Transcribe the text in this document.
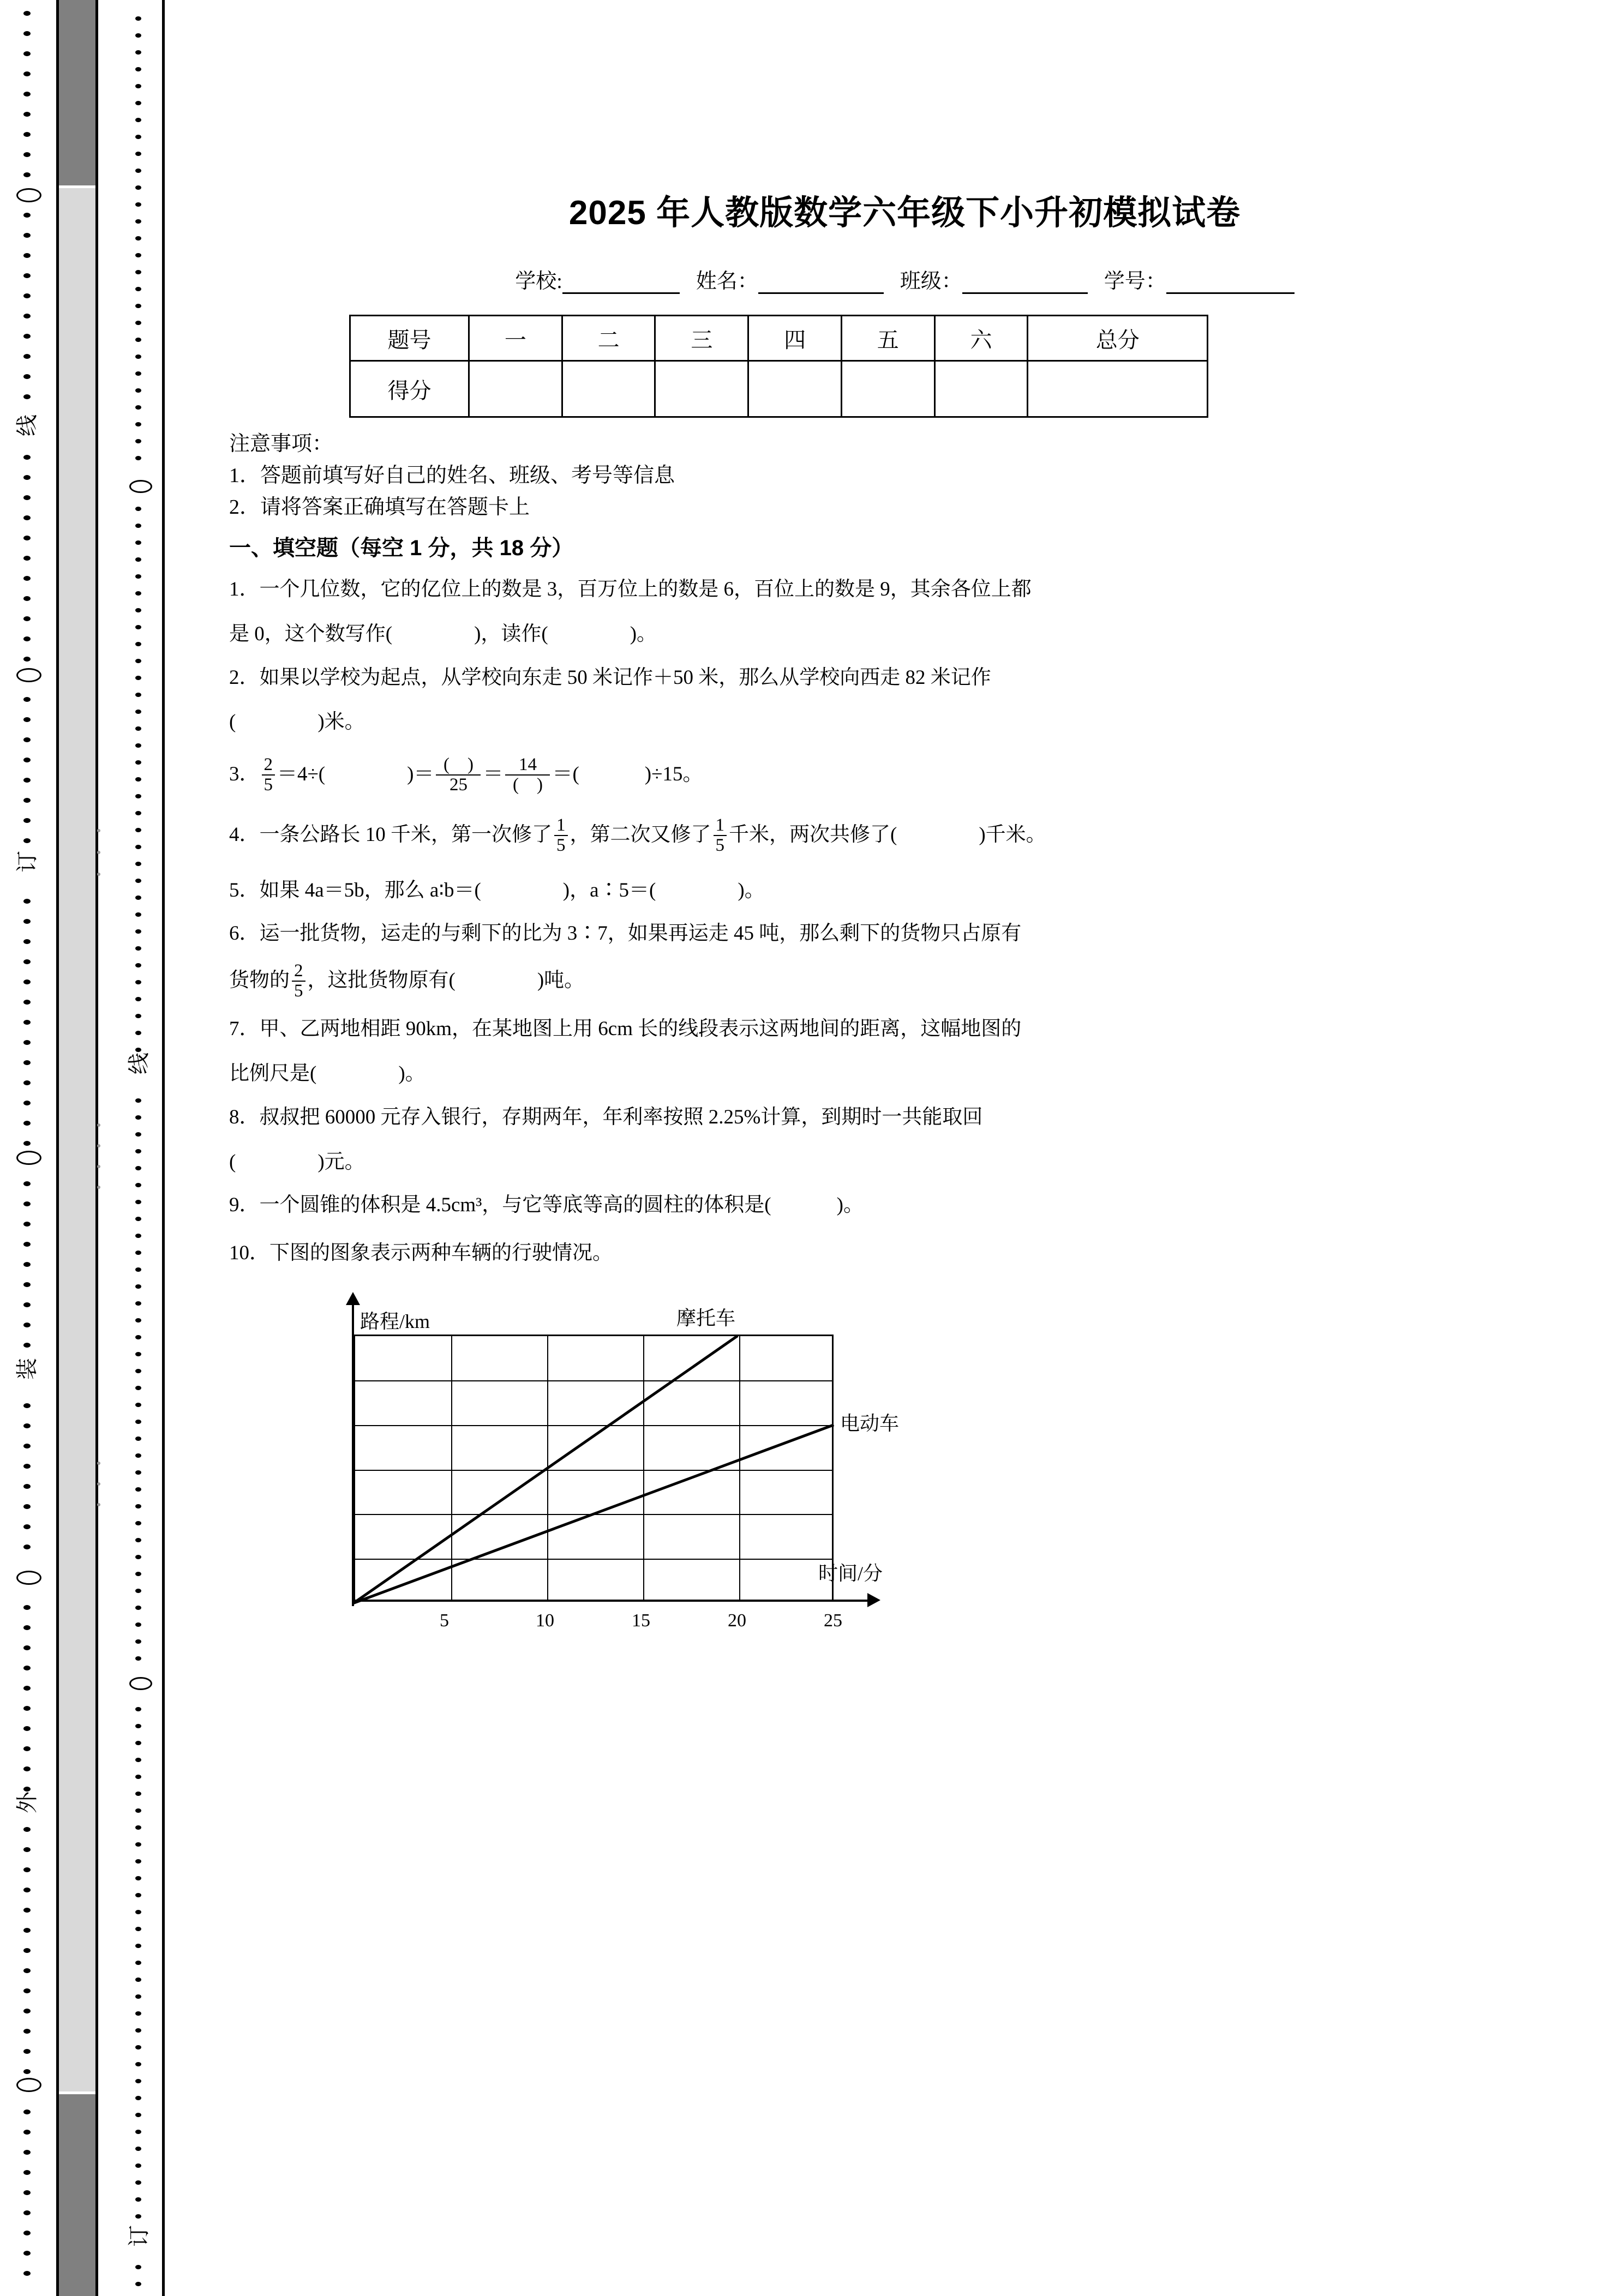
线
订
装
外
线
订
2025 年人教版数学六年级下小升初模拟试卷
学校:	姓名：	班级：	学号：
题号	一	二	三	四	五	六	总分
得分							
注意事项：
1．答题前填写好自己的姓名、班级、考号等信息
2．请将答案正确填写在答题卡上
一、填空题（每空 1 分，共 18 分）
1．一个几位数，它的亿位上的数是 3，百万位上的数是 6，百位上的数是 9，其余各位上都
是 0，这个数写作(	)，读作(	)。
2．如果以学校为起点，从学校向东走 50 米记作＋50 米，那么从学校向西走 82 米记作
(	)米。
3． $\frac{2}{5} =4\div$(	)＝ $\frac{( )}{25} = \frac{14}{( )}$ ＝(	)÷15。
4．一条公路长 10 千米，第一次修了 $\frac{1}{5}$ ，第二次又修了 $\frac{1}{5}$ 千米，两次共修了(	)千米。
5．如果 4a＝5b，那么 a∶b＝(	)，a∶5＝(	)。
6．运一批货物，运走的与剩下的比为 3∶7，如果再运走 45 吨，那么剩下的货物只占原有
货物的 $\frac{2}{5}$ ，这批货物原有(	)吨。
7．甲、乙两地相距 90km，在某地图上用 6cm 长的线段表示这两地间的距离，这幅地图的
比例尺是(	)。
8．叔叔把 60000 元存入银行，存期两年，年利率按照 2.25%计算，到期时一共能取回
(	)元。
9．一个圆锥的体积是 4.5cm³，与它等底等高的圆柱的体积是(	)。
10．下图的图象表示两种车辆的行驶情况。
路程/km
时间/分
摩托车
电动车
5	10	15	20	25
